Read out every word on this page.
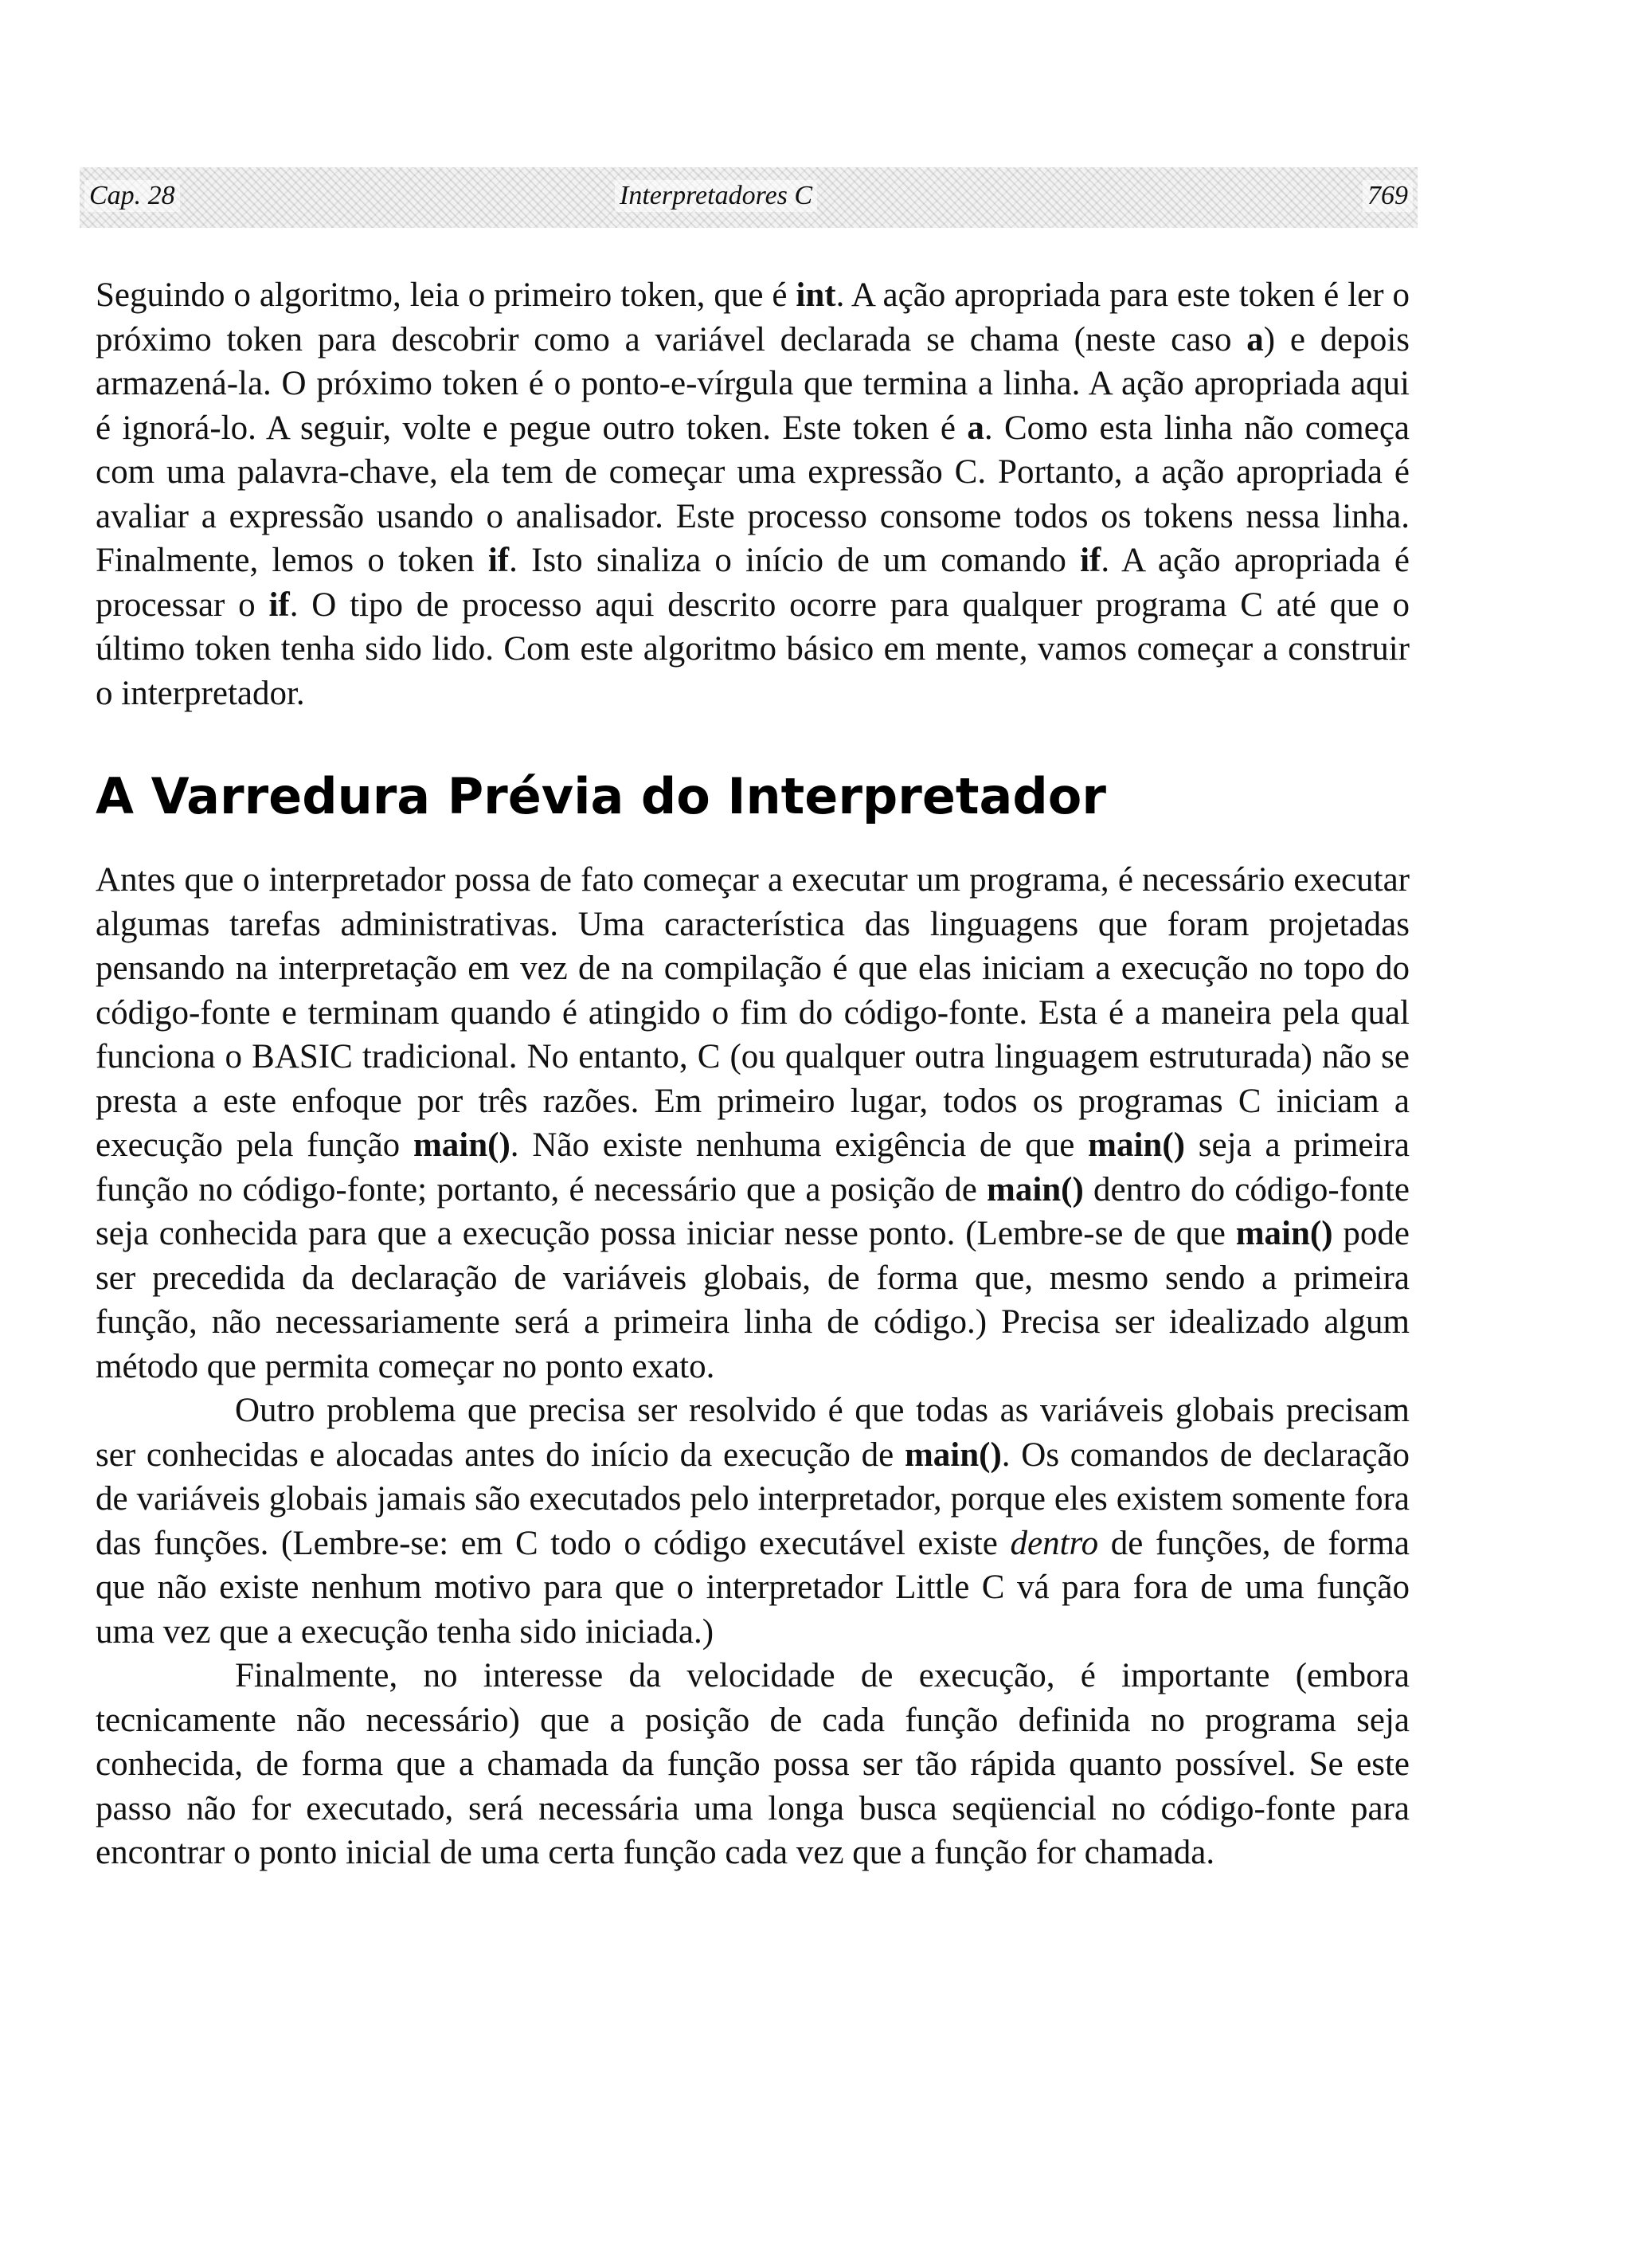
Cap. 28	Interpretadores C	769

Seguindo o algoritmo, leia o primeiro token, que é int. A ação apropriada para este token é ler o próximo token para descobrir como a variável declarada se chama (neste caso a) e depois armazená-la. O próximo token é o ponto-e-vírgula que termina a linha. A ação apropriada aqui é ignorá-lo. A seguir, volte e pegue outro token. Este token é a. Como esta linha não começa com uma palavra-chave, ela tem de começar uma expressão C. Portanto, a ação apropriada é avaliar a expressão usando o analisador. Este processo consome todos os tokens nessa linha. Finalmente, lemos o token if. Isto sinaliza o início de um comando if. A ação apropriada é processar o if. O tipo de processo aqui descrito ocorre para qualquer programa C até que o último token tenha sido lido. Com este algoritmo básico em mente, vamos começar a construir o interpretador.

A Varredura Prévia do Interpretador

Antes que o interpretador possa de fato começar a executar um programa, é necessário executar algumas tarefas administrativas. Uma característica das linguagens que foram projetadas pensando na interpretação em vez de na compilação é que elas iniciam a execução no topo do código-fonte e terminam quando é atingido o fim do código-fonte. Esta é a maneira pela qual funciona o BASIC tradicional. No entanto, C (ou qualquer outra linguagem estruturada) não se presta a este enfoque por três razões. Em primeiro lugar, todos os programas C iniciam a execução pela função main(). Não existe nenhuma exigência de que main() seja a primeira função no código-fonte; portanto, é necessário que a posição de main() dentro do código-fonte seja conhecida para que a execução possa iniciar nesse ponto. (Lembre-se de que main() pode ser precedida da declaração de variáveis globais, de forma que, mesmo sendo a primeira função, não necessariamente será a primeira linha de código.) Precisa ser idealizado algum método que permita começar no ponto exato.

Outro problema que precisa ser resolvido é que todas as variáveis globais precisam ser conhecidas e alocadas antes do início da execução de main(). Os comandos de declaração de variáveis globais jamais são executados pelo interpretador, porque eles existem somente fora das funções. (Lembre-se: em C todo o código executável existe dentro de funções, de forma que não existe nenhum motivo para que o interpretador Little C vá para fora de uma função uma vez que a execução tenha sido iniciada.)

Finalmente, no interesse da velocidade de execução, é importante (embora tecnicamente não necessário) que a posição de cada função definida no programa seja conhecida, de forma que a chamada da função possa ser tão rápida quanto possível. Se este passo não for executado, será necessária uma longa busca seqüencial no código-fonte para encontrar o ponto inicial de uma certa função cada vez que a função for chamada.
